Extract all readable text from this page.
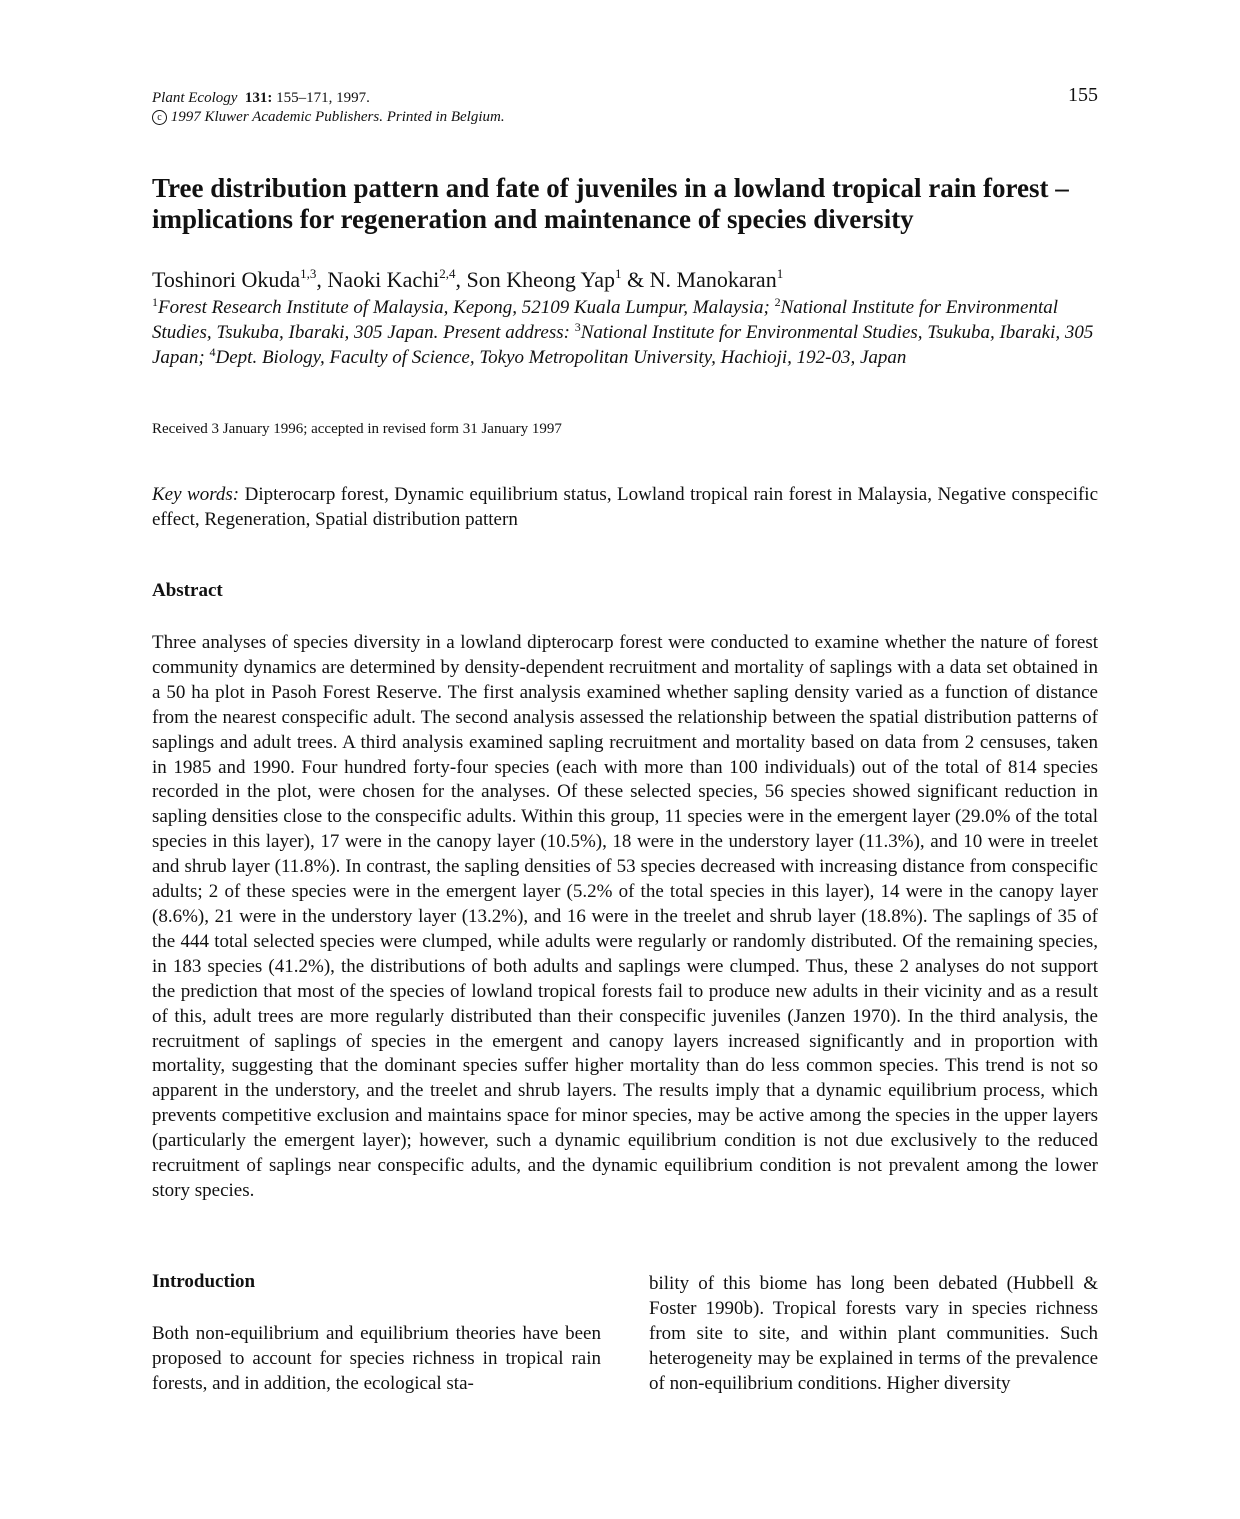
Plant Ecology 131: 155–171, 1997.
c 1997 Kluwer Academic Publishers. Printed in Belgium.
155
Tree distribution pattern and fate of juveniles in a lowland tropical rain forest – implications for regeneration and maintenance of species diversity
Toshinori Okuda$^{1,3}$, Naoki Kachi$^{2,4}$, Son Kheong Yap$^1$ & N. Manokaran$^1$
$^1$Forest Research Institute of Malaysia, Kepong, 52109 Kuala Lumpur, Malaysia; $^2$National Institute for Environmental Studies, Tsukuba, Ibaraki, 305 Japan. Present address: $^3$National Institute for Environmental Studies, Tsukuba, Ibaraki, 305 Japan; $^4$Dept. Biology, Faculty of Science, Tokyo Metropolitan University, Hachioji, 192-03, Japan
Received 3 January 1996; accepted in revised form 31 January 1997
Key words: Dipterocarp forest, Dynamic equilibrium status, Lowland tropical rain forest in Malaysia, Negative conspecific effect, Regeneration, Spatial distribution pattern
Abstract

Three analyses of species diversity in a lowland dipterocarp forest were conducted to examine whether the nature of forest community dynamics are determined by density-dependent recruitment and mortality of saplings with a data set obtained in a 50 ha plot in Pasoh Forest Reserve. The first analysis examined whether sapling density varied as a function of distance from the nearest conspecific adult. The second analysis assessed the relationship between the spatial distribution patterns of saplings and adult trees. A third analysis examined sapling recruitment and mortality based on data from 2 censuses, taken in 1985 and 1990. Four hundred forty-four species (each with more than 100 individuals) out of the total of 814 species recorded in the plot, were chosen for the analyses. Of these selected species, 56 species showed significant reduction in sapling densities close to the conspecific adults. Within this group, 11 species were in the emergent layer (29.0% of the total species in this layer), 17 were in the canopy layer (10.5%), 18 were in the understory layer (11.3%), and 10 were in treelet and shrub layer (11.8%). In contrast, the sapling densities of 53 species decreased with increasing distance from conspecific adults; 2 of these species were in the emergent layer (5.2% of the total species in this layer), 14 were in the canopy layer (8.6%), 21 were in the understory layer (13.2%), and 16 were in the treelet and shrub layer (18.8%). The saplings of 35 of the 444 total selected species were clumped, while adults were regularly or randomly distributed. Of the remaining species, in 183 species (41.2%), the distributions of both adults and saplings were clumped. Thus, these 2 analyses do not support the prediction that most of the species of lowland tropical forests fail to produce new adults in their vicinity and as a result of this, adult trees are more regularly distributed than their conspecific juveniles (Janzen 1970). In the third analysis, the recruitment of saplings of species in the emergent and canopy layers increased significantly and in proportion with mortality, suggesting that the dominant species suffer higher mortality than do less common species. This trend is not so apparent in the understory, and the treelet and shrub layers. The results imply that a dynamic equilibrium process, which prevents competitive exclusion and maintains space for minor species, may be active among the species in the upper layers (particularly the emergent layer); however, such a dynamic equilibrium condition is not due exclusively to the reduced recruitment of saplings near conspecific adults, and the dynamic equilibrium condition is not prevalent among the lower story species.

Introduction

Both non-equilibrium and equilibrium theories have been proposed to account for species richness in tropical rain forests, and in addition, the ecological sta-

bility of this biome has long been debated (Hubbell & Foster 1990b). Tropical forests vary in species richness from site to site, and within plant communities. Such heterogeneity may be explained in terms of the prevalence of non-equilibrium conditions. Higher diversity
